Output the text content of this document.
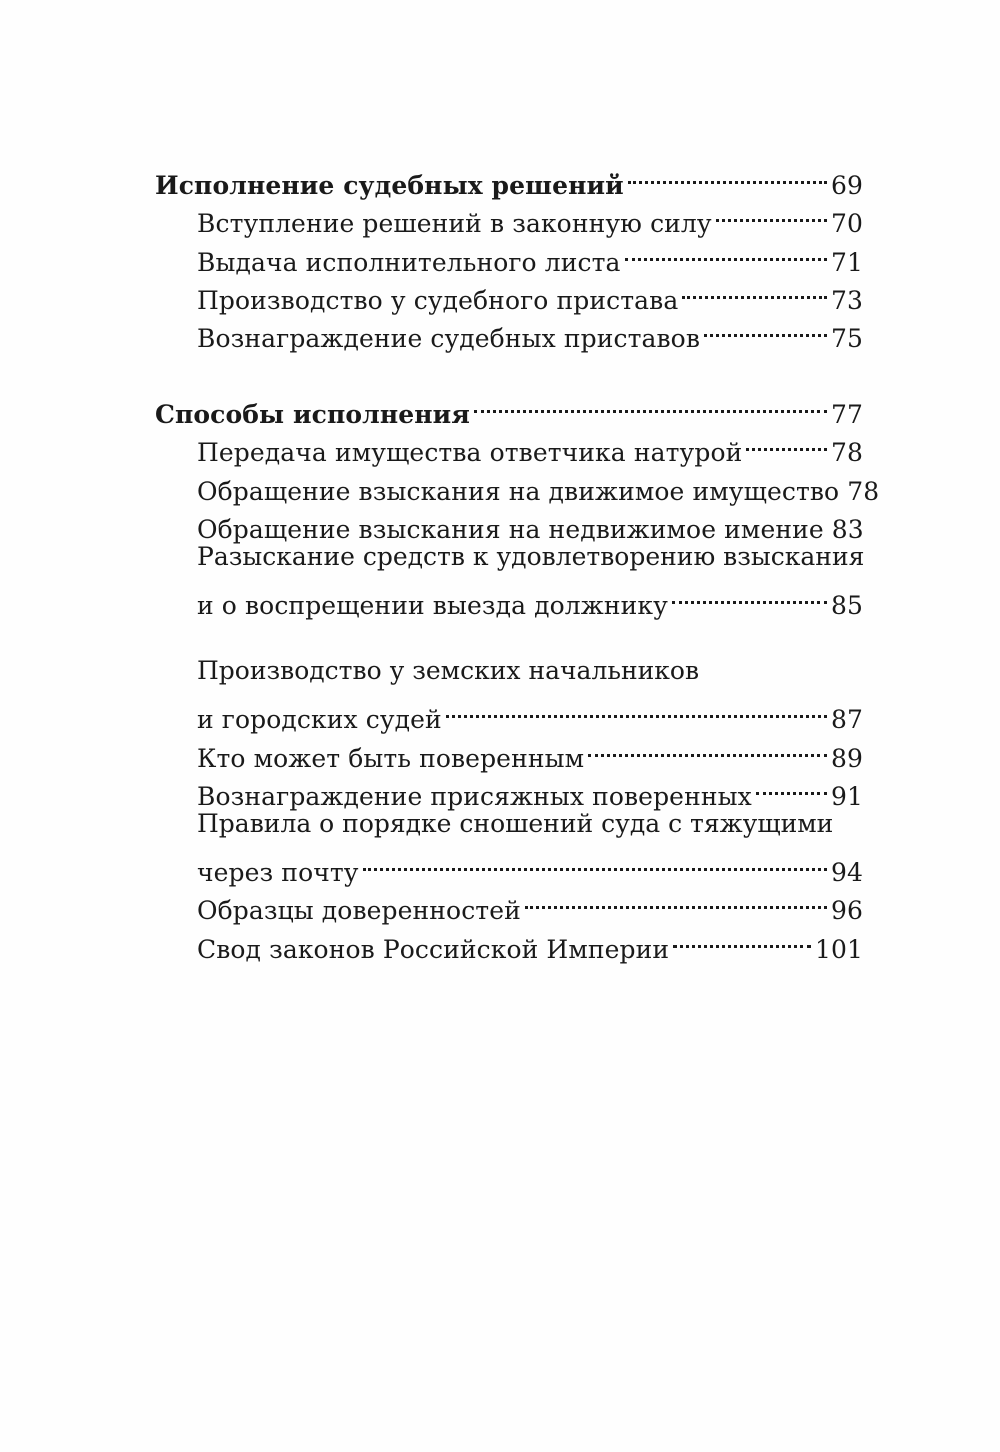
Исполнение судебных решений	69
Вступление решений в законную силу	70
Выдача исполнительного листа	71
Производство у судебного пристава	73
Вознаграждение судебных приставов	75
Способы исполнения	77
Передача имущества ответчика натурой	78
Обращение взыскания на движимое имущество 78
Обращение взыскания на недвижимое имение 83
Разыскание средств к удовлетворению взыскания
и о воспрещении выезда должнику	85
Производство у земских начальников
и городских судей	87
Кто может быть поверенным	89
Вознаграждение присяжных поверенных	91
Правила о порядке сношений суда с тяжущими
через почту	94
Образцы доверенностей	96
Свод законов Российской Империи	101
